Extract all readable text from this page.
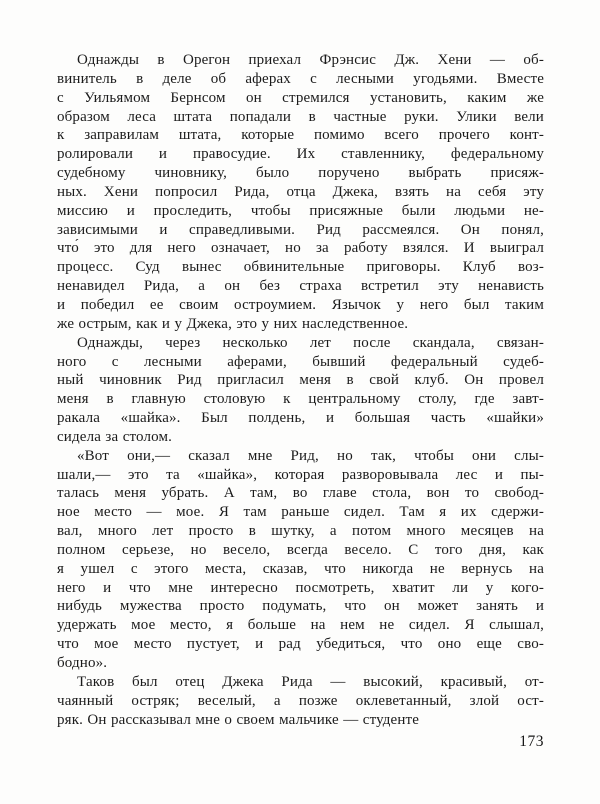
Однажды в Орегон приехал Фрэнсис Дж. Хени — об-
винитель в деле об аферах с лесными угодьями. Вместе
с Уильямом Бернсом он стремился установить, каким же
образом леса штата попадали в частные руки. Улики вели
к заправилам штата, которые помимо всего прочего конт-
ролировали и правосудие. Их ставленнику, федеральному
судебному чиновнику, было поручено выбрать присяж-
ных. Хени попросил Рида, отца Джека, взять на себя эту
миссию и проследить, чтобы присяжные были людьми не-
зависимыми и справедливыми. Рид рассмеялся. Он понял,
что́ это для него означает, но за работу взялся. И выиграл
процесс. Суд вынес обвинительные приговоры. Клуб воз-
ненавидел Рида, а он без страха встретил эту ненависть
и победил ее своим остроумием. Язычок у него был таким
же острым, как и у Джека, это у них наследственное.
Однажды, через несколько лет после скандала, связан-
ного с лесными аферами, бывший федеральный судеб-
ный чиновник Рид пригласил меня в свой клуб. Он провел
меня в главную столовую к центральному столу, где завт-
ракала «шайка». Был полдень, и большая часть «шайки»
сидела за столом.
«Вот они,— сказал мне Рид, но так, чтобы они слы-
шали,— это та «шайка», которая разворовывала лес и пы-
талась меня убрать. А там, во главе стола, вон то свобод-
ное место — мое. Я там раньше сидел. Там я их сдержи-
вал, много лет просто в шутку, а потом много месяцев на
полном серьезе, но весело, всегда весело. С того дня, как
я ушел с этого места, сказав, что никогда не вернусь на
него и что мне интересно посмотреть, хватит ли у кого-
нибудь мужества просто подумать, что он может занять и
удержать мое место, я больше на нем не сидел. Я слышал,
что мое место пустует, и рад убедиться, что оно еще сво-
бодно».
Таков был отец Джека Рида — высокий, красивый, от-
чаянный остряк; веселый, а позже оклеветанный, злой ост-
ряк. Он рассказывал мне о своем мальчике — студенте
173
